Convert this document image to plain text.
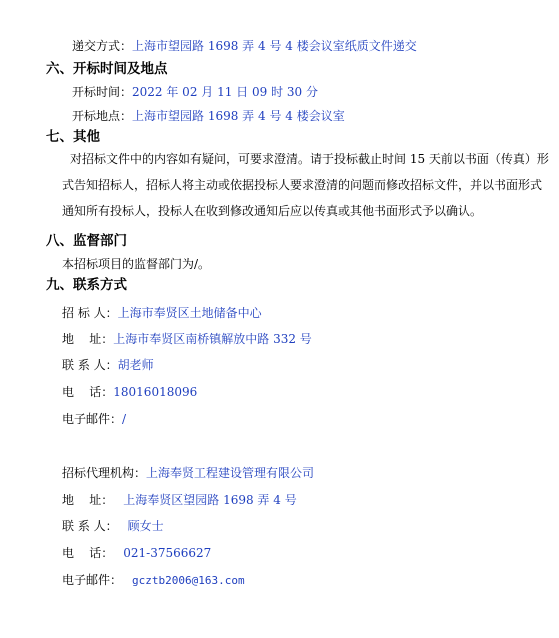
递交方式：上海市望园路 1698 弄 4 号 4 楼会议室纸质文件递交
六、开标时间及地点
开标时间：2022 年 02 月 11 日 09 时 30 分
开标地点：上海市望园路 1698 弄 4 号 4 楼会议室
七、其他
对招标文件中的内容如有疑问，可要求澄清。请于投标截止时间 15 天前以书面（传真）形式告知招标人，招标人将主动或依据投标人要求澄清的问题而修改招标文件，并以书面形式通知所有投标人，投标人在收到修改通知后应以传真或其他书面形式予以确认。
八、监督部门
本招标项目的监督部门为/。
九、联系方式
招 标 人：上海市奉贤区土地储备中心
地    址：上海市奉贤区南桥镇解放中路 332 号
联 系 人：胡老师
电    话：18016018096
电子邮件：/
招标代理机构：上海奉贤工程建设管理有限公司
地    址： 上海奉贤区望园路 1698 弄 4 号
联 系 人： 顾女士
电    话： 021-37566627
电子邮件： gcztb2006@163.com
